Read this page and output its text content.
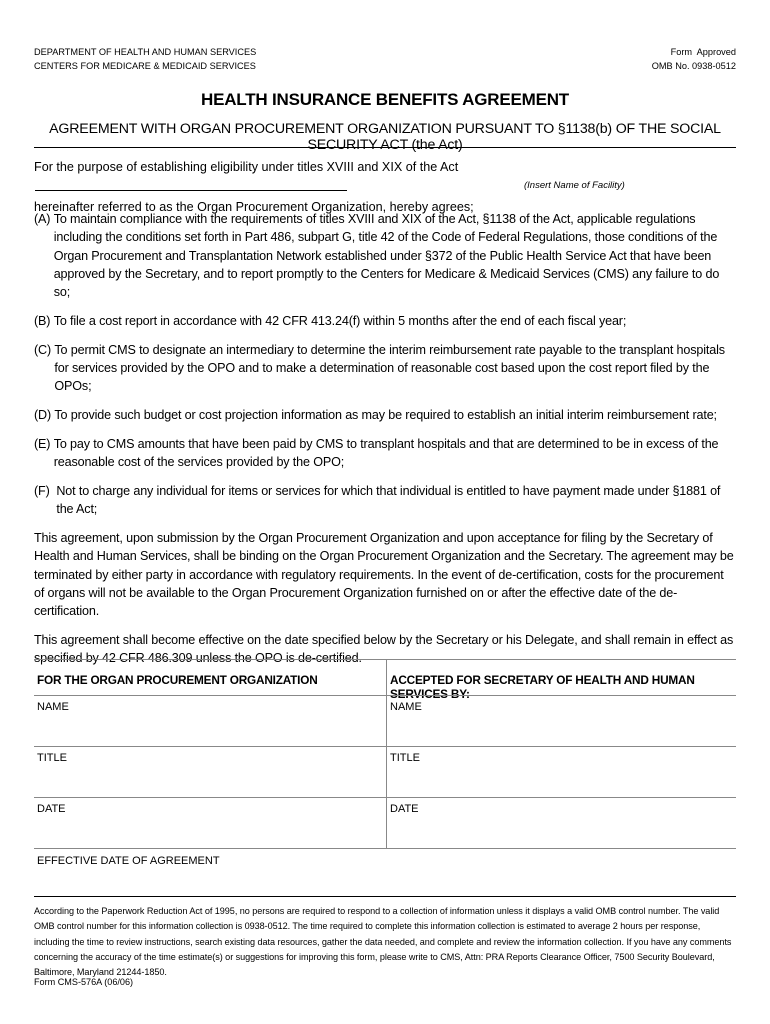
DEPARTMENT OF HEALTH AND HUMAN SERVICES
CENTERS FOR MEDICARE & MEDICAID SERVICES
Form  Approved
OMB No. 0938-0512
HEALTH INSURANCE BENEFITS AGREEMENT
AGREEMENT WITH ORGAN PROCUREMENT ORGANIZATION PURSUANT TO §1138(b) OF THE SOCIAL SECURITY ACT (the Act)
For the purpose of establishing eligibility under titles XVIII and XIX of the Act
hereinafter referred to as the Organ Procurement Organization, hereby agrees;
(Insert Name of Facility)
(A) To maintain compliance with the requirements of titles XVIII and XIX of the Act, §1138 of the Act, applicable regulations including the conditions set forth in Part 486, subpart G, title 42 of the Code of Federal Regulations, those conditions of the Organ Procurement and Transplantation Network established under §372 of the Public Health Service Act that have been approved by the Secretary, and to report promptly to the Centers for Medicare & Medicaid Services (CMS) any failure to do so;
(B) To file a cost report in accordance with 42 CFR 413.24(f) within 5 months after the end of each fiscal year;
(C) To permit CMS to designate an intermediary to determine the interim reimbursement rate payable to the transplant hospitals for services provided by the OPO and to make a determination of reasonable cost based upon the cost report filed by the OPOs;
(D) To provide such budget or cost projection information as may be required to establish an initial interim reimbursement rate;
(E) To pay to CMS amounts that have been paid by CMS to transplant hospitals and that are determined to be in excess of the reasonable cost of the services provided by the OPO;
(F) Not to charge any individual for items or services for which that individual is entitled to have payment made under §1881 of the Act;
This agreement, upon submission by the Organ Procurement Organization and upon acceptance for filing by the Secretary of Health and Human Services, shall be binding on the Organ Procurement Organization and the Secretary. The agreement may be terminated by either party in accordance with regulatory requirements. In the event of de-certification, costs for the procurement of organs will not be available to the Organ Procurement Organization furnished on or after the effective date of the de-certification.
This agreement shall become effective on the date specified below by the Secretary or his Delegate, and shall remain in effect as specified by 42 CFR 486.309 unless the OPO is de-certified.
FOR THE ORGAN PROCUREMENT ORGANIZATION	ACCEPTED FOR SECRETARY OF HEALTH AND HUMAN SERVICES BY:
NAME	NAME
TITLE	TITLE
DATE	DATE
EFFECTIVE DATE OF AGREEMENT
According to the Paperwork Reduction Act of 1995, no persons are required to respond to a collection of information unless it displays a valid OMB control number. The valid OMB control number for this information collection is 0938-0512. The time required to complete this information collection is estimated to average 2 hours per response, including the time to review instructions, search existing data resources, gather the data needed, and complete and review the information collection. If you have any comments concerning the accuracy of the time estimate(s) or suggestions for improving this form, please write to CMS, Attn: PRA Reports Clearance Officer, 7500 Security Boulevard, Baltimore, Maryland 21244-1850.
Form CMS-576A (06/06)
